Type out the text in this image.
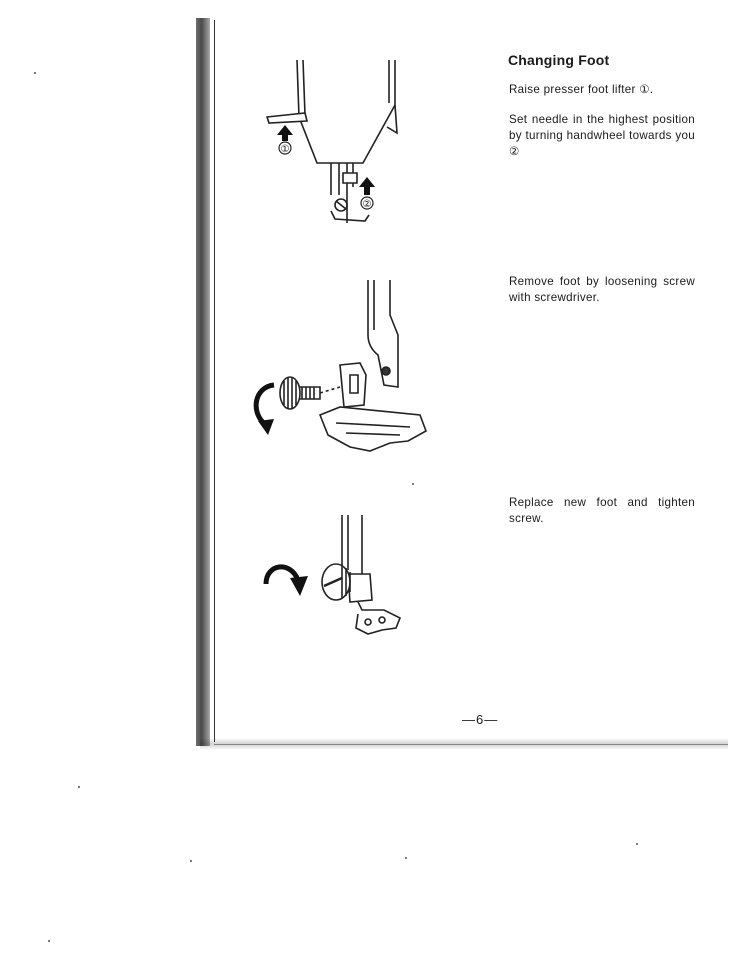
①
②
Changing Foot
Raise presser foot lifter ①.
Set needle in the highest position by turning handwheel towards you ②
Remove foot by loosening screw with screwdriver.
Replace new foot and tighten screw.
—6—
